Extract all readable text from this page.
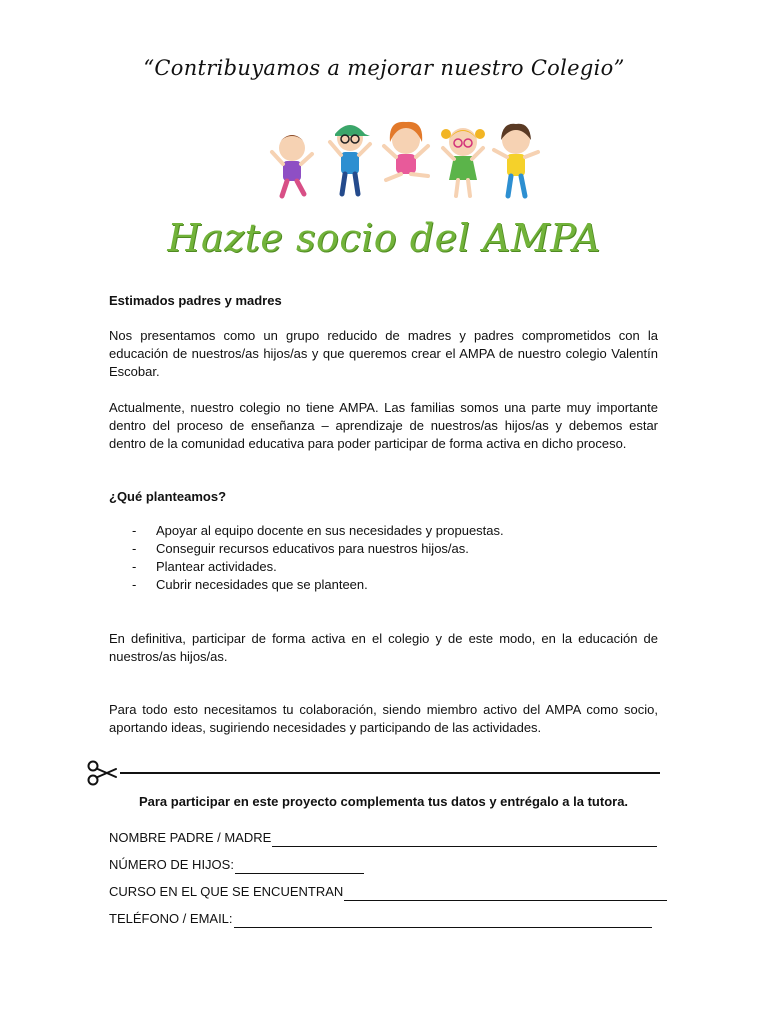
“Contribuyamos a mejorar nuestro Colegio”
Hazte socio del AMPA
Estimados padres y madres
Nos presentamos como un grupo reducido de madres y padres comprometidos con la educación de nuestros/as hijos/as y que queremos crear el AMPA de nuestro colegio Valentín Escobar.
Actualmente, nuestro colegio no tiene AMPA. Las familias somos una parte muy importante dentro del proceso de enseñanza – aprendizaje de nuestros/as hijos/as y debemos estar dentro de la comunidad educativa para poder participar de forma activa en dicho proceso.
¿Qué planteamos?
- Apoyar al equipo docente en sus necesidades y propuestas.
- Conseguir recursos educativos para nuestros hijos/as.
- Plantear actividades.
- Cubrir necesidades que se planteen.
En definitiva, participar de forma activa en el colegio y de este modo, en la educación de nuestros/as hijos/as.
Para todo esto necesitamos tu colaboración, siendo miembro activo del AMPA como socio, aportando ideas, sugiriendo necesidades y participando de las actividades.
Para participar en este proyecto complementa tus datos y entrégalo a la tutora.
NOMBRE PADRE / MADRE
NÚMERO DE HIJOS:
CURSO EN EL QUE SE ENCUENTRAN
TELÉFONO / EMAIL:
